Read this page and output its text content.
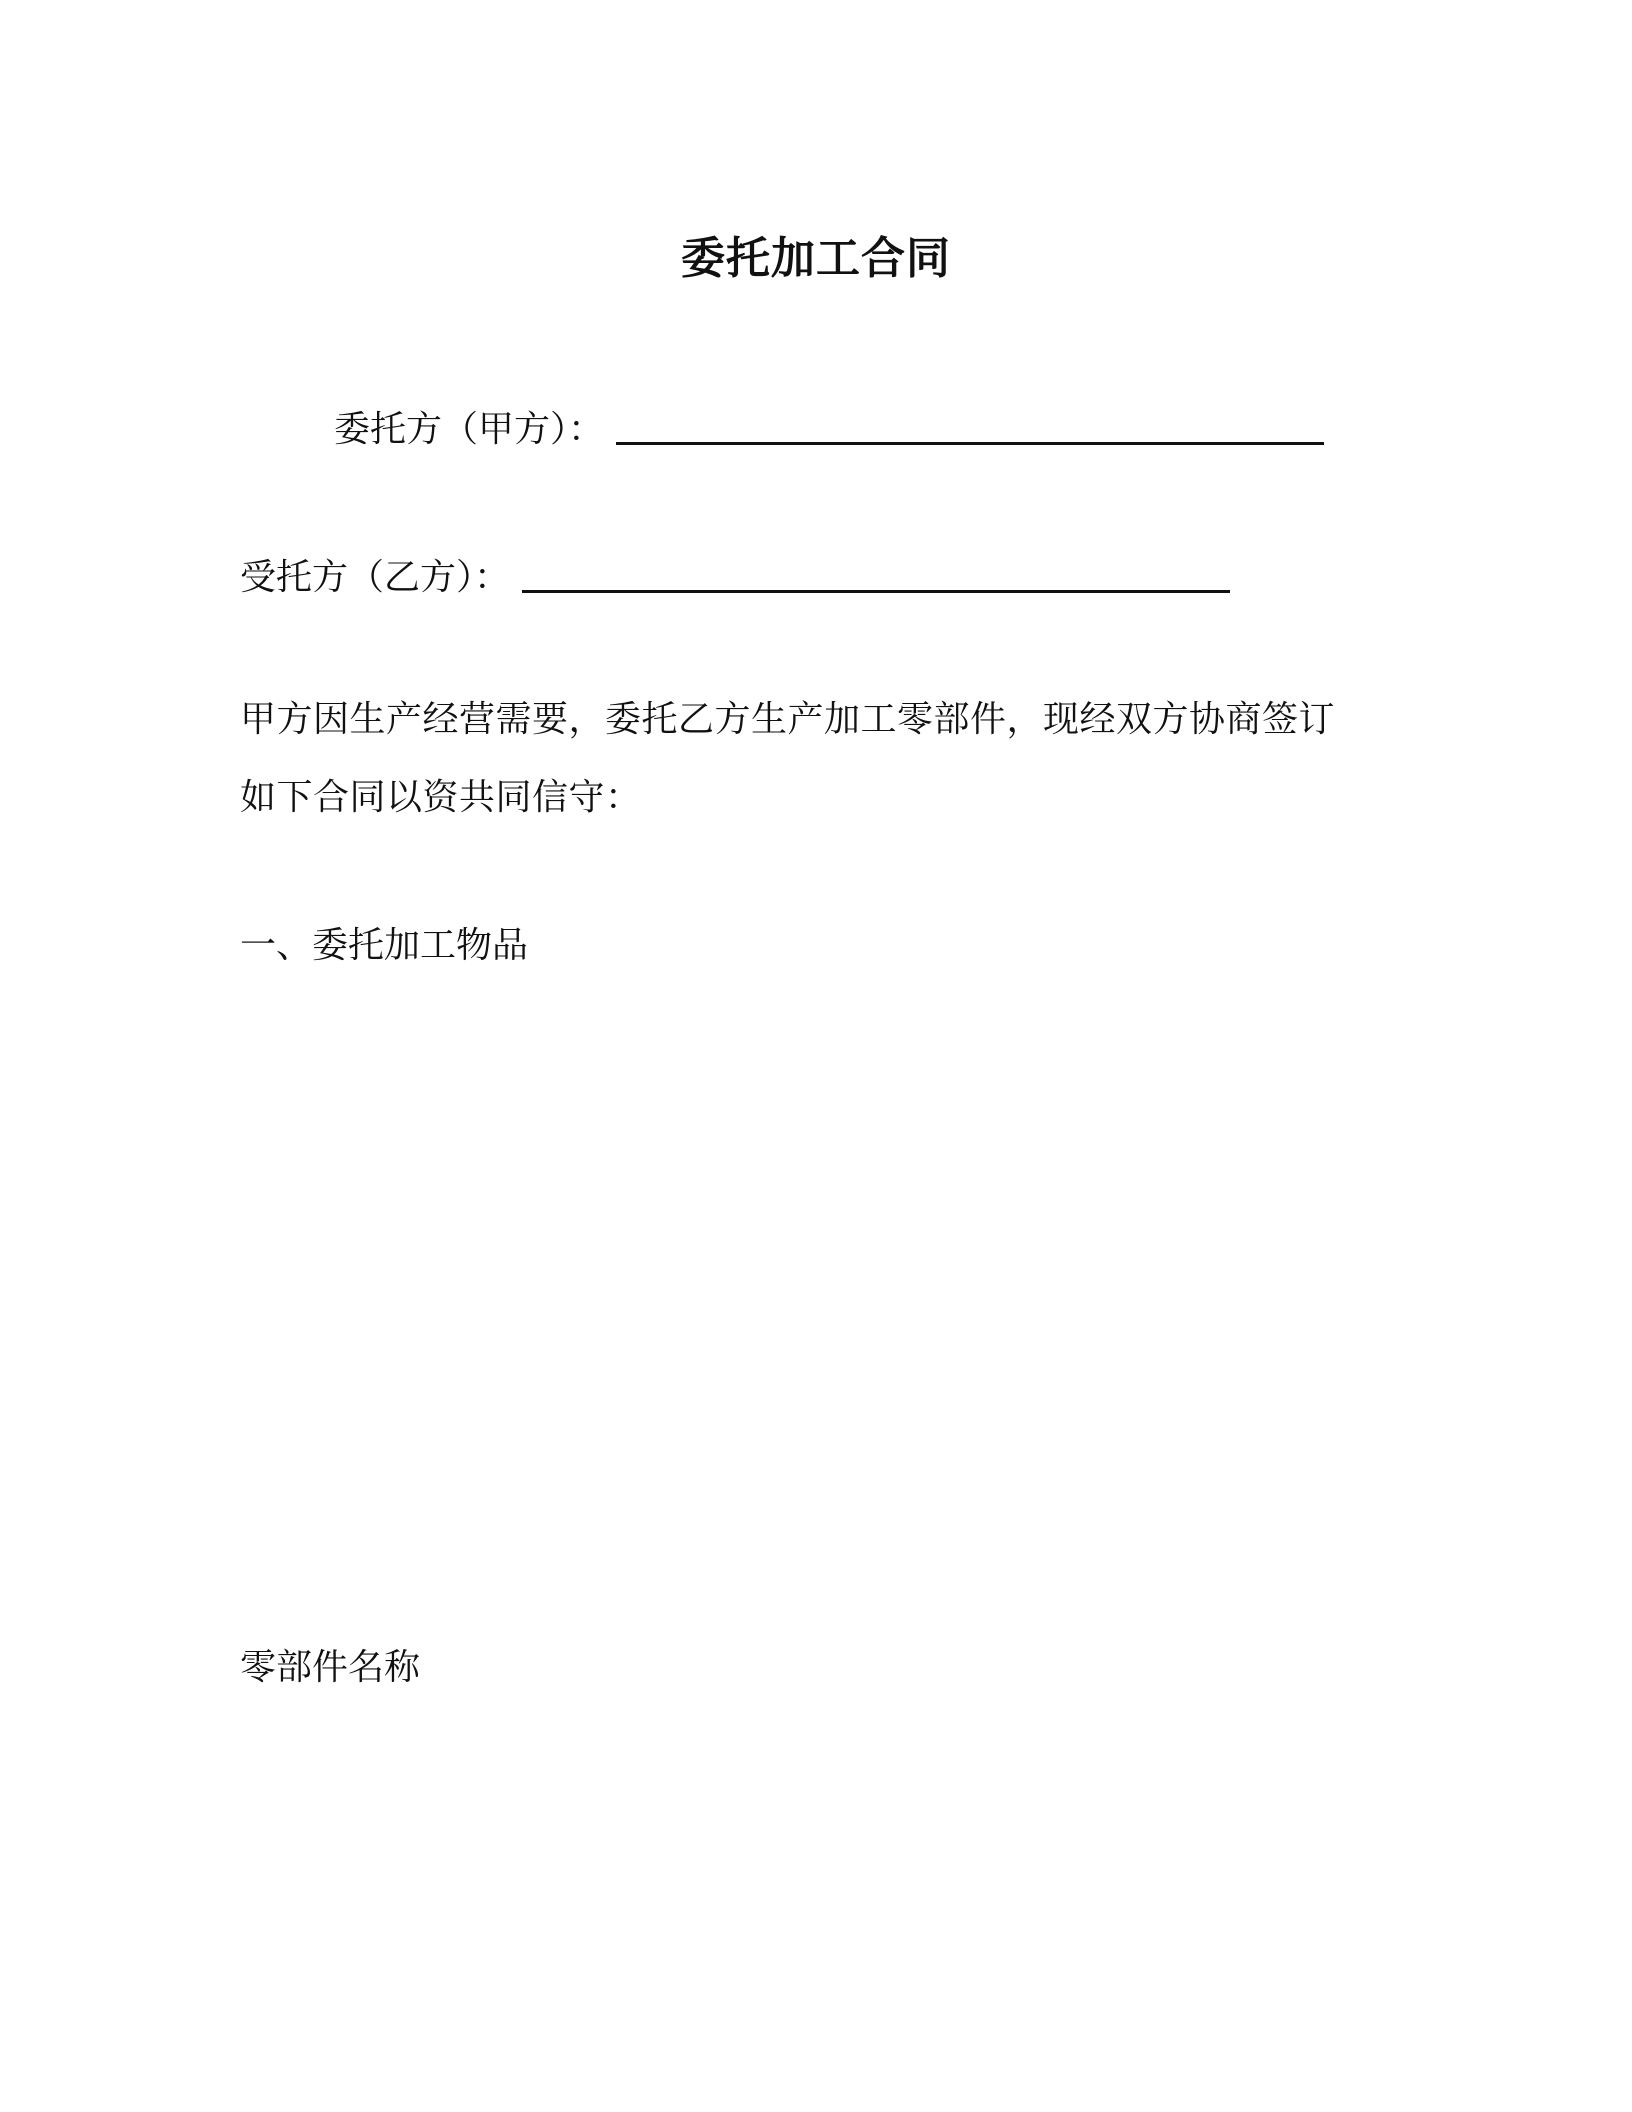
委托加工合同
委托方（甲方）：
受托方（乙方）：
甲方因生产经营需要，委托乙方生产加工零部件，现经双方协商签订
如下合同以资共同信守：
一、委托加工物品
零部件名称
